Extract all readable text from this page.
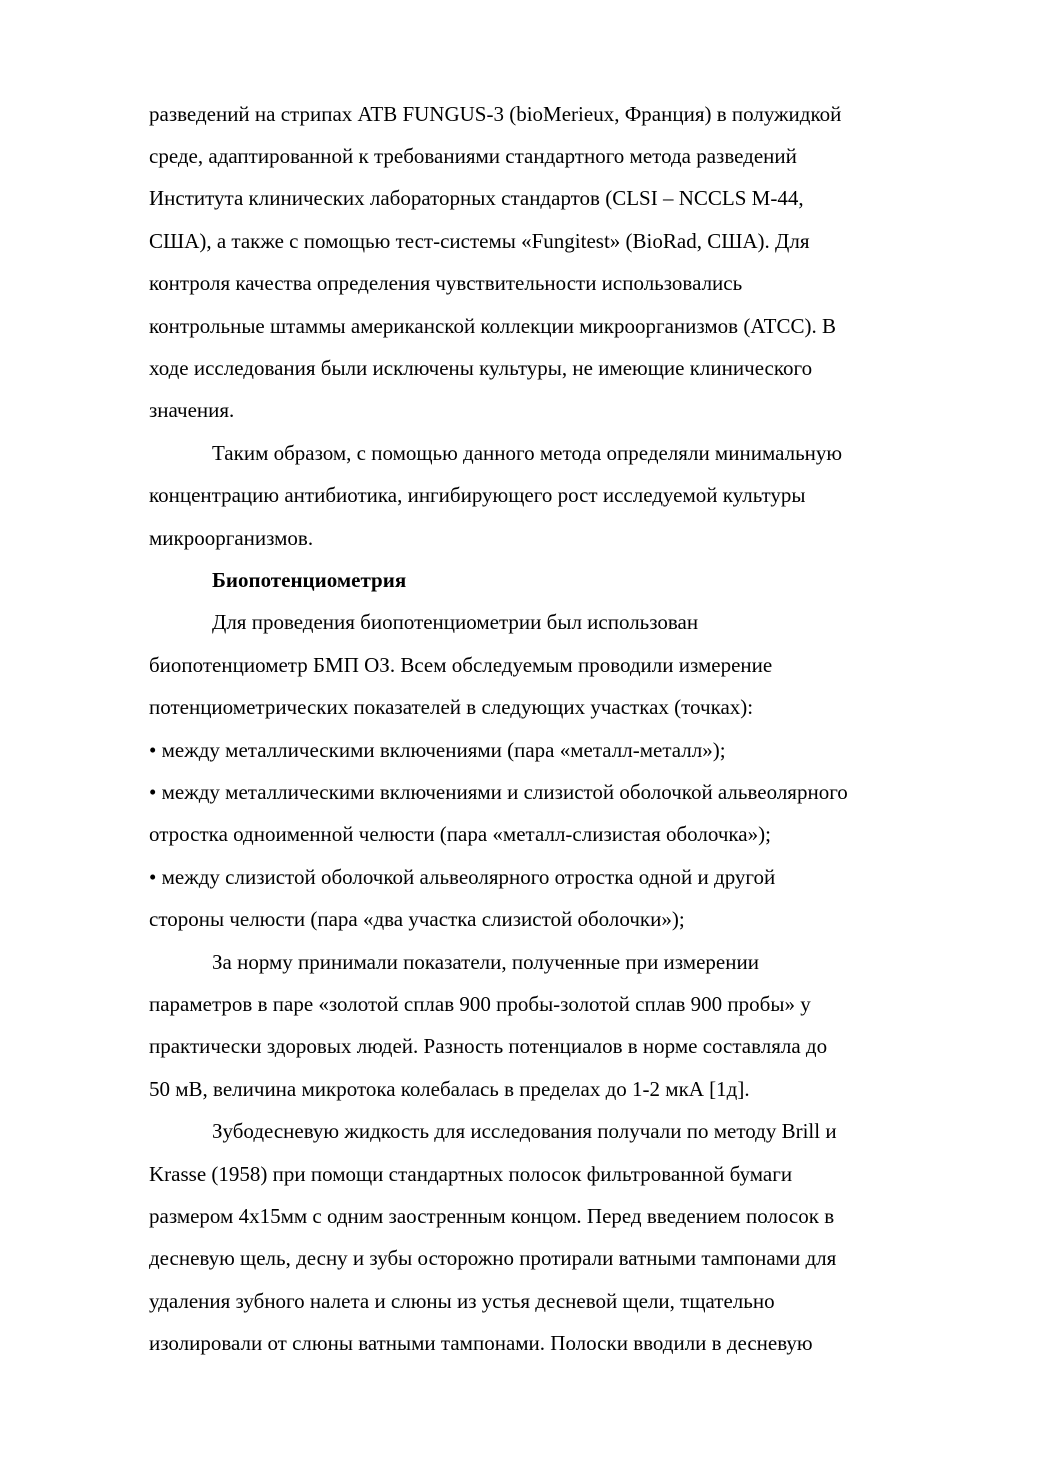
разведений на стрипах ATB FUNGUS-3 (bioMerieux, Франция) в полужидкой
среде, адаптированной к требованиями стандартного метода разведений
Института клинических лабораторных стандартов (CLSI – NCCLS M-44,
США), а также с помощью тест-системы «Fungitest» (BioRad, США). Для
контроля качества определения чувствительности использовались
контрольные штаммы американской коллекции микроорганизмов (АТСС). В
ходе исследования были исключены культуры, не имеющие клинического
значения.
Таким образом, с помощью данного метода определяли минимальную
концентрацию антибиотика, ингибирующего рост исследуемой культуры
микроорганизмов.
Биопотенциометрия
Для проведения биопотенциометрии был использован
биопотенциометр БМП ОЗ. Всем обследуемым проводили измерение
потенциометрических показателей в следующих участках (точках):
• между металлическими включениями (пара «металл-металл»);
• между металлическими включениями и слизистой оболочкой альвеолярного
отростка одноименной челюсти (пара «металл-слизистая оболочка»);
• между слизистой оболочкой альвеолярного отростка одной и другой
стороны челюсти (пара «два участка слизистой оболочки»);
За норму принимали показатели, полученные при измерении
параметров в паре «золотой сплав 900 пробы-золотой сплав 900 пробы» у
практически здоровых людей. Разность потенциалов в норме составляла до
50 мВ, величина микротока колебалась в пределах до 1-2 мкА [1д].
Зубодесневую жидкость для исследования получали по методу Brill и
Krasse (1958) при помощи стандартных полосок фильтрованной бумаги
размером 4х15мм с одним заостренным концом. Перед введением полосок в
десневую щель, десну и зубы осторожно протирали ватными тампонами для
удаления зубного налета и слюны из устья десневой щели, тщательно
изолировали от слюны ватными тампонами. Полоски вводили в десневую
